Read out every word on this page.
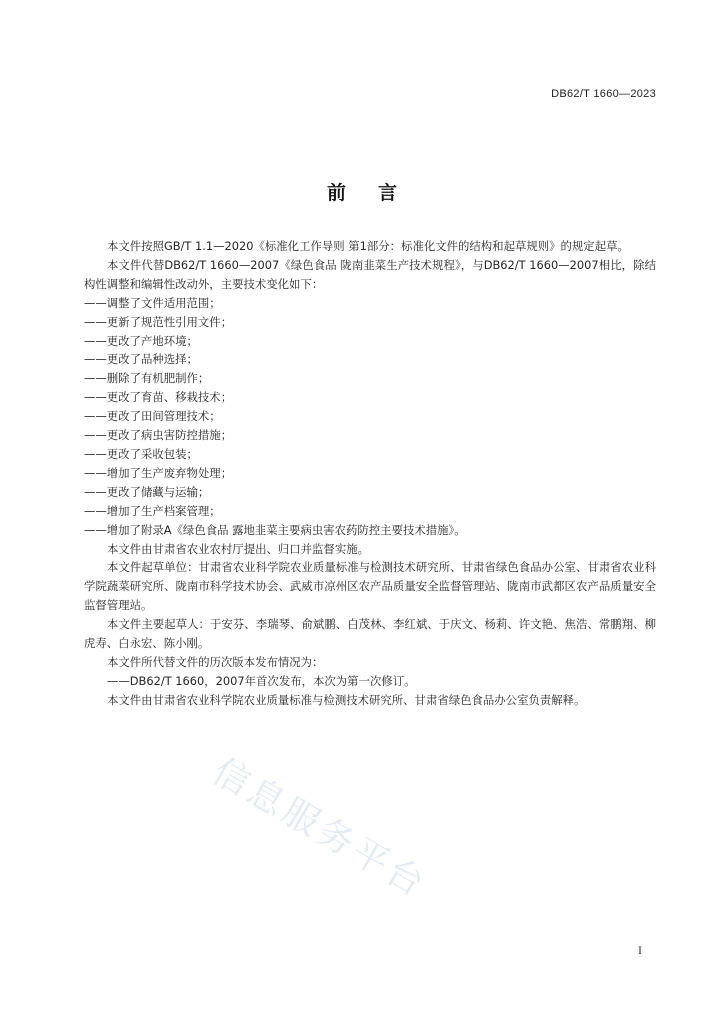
DB62/T 1660—2023
前言

本文件按照GB/T 1.1—2020《标准化工作导则 第1部分：标准化文件的结构和起草规则》的规定起草。

本文件代替DB62/T 1660—2007《绿色食品 陇南韭菜生产技术规程》，与DB62/T 1660—2007相比，除结构性调整和编辑性改动外，主要技术变化如下：

——调整了文件适用范围；

——更新了规范性引用文件；

——更改了产地环境；

——更改了品种选择；

——删除了有机肥制作；

——更改了育苗、移栽技术；

——更改了田间管理技术；

——更改了病虫害防控措施；

——更改了采收包装；

——增加了生产废弃物处理；

——更改了储藏与运输；

——增加了生产档案管理；

——增加了附录A《绿色食品 露地韭菜主要病虫害农药防控主要技术措施》。

本文件由甘肃省农业农村厅提出、归口并监督实施。

本文件起草单位：甘肃省农业科学院农业质量标准与检测技术研究所、甘肃省绿色食品办公室、甘肃省农业科学院蔬菜研究所、陇南市科学技术协会、武威市凉州区农产品质量安全监督管理站、陇南市武都区农产品质量安全监督管理站。

本文件主要起草人：于安芬、李瑞琴、俞斌鹏、白茂林、李红斌、于庆文、杨莉、许文艳、焦浩、常鹏翔、柳虎寿、白永宏、陈小刚。

本文件所代替文件的历次版本发布情况为：

——DB62/T 1660，2007年首次发布，本次为第一次修订。

本文件由甘肃省农业科学院农业质量标准与检测技术研究所、甘肃省绿色食品办公室负责解释。

信息服务平台
I
